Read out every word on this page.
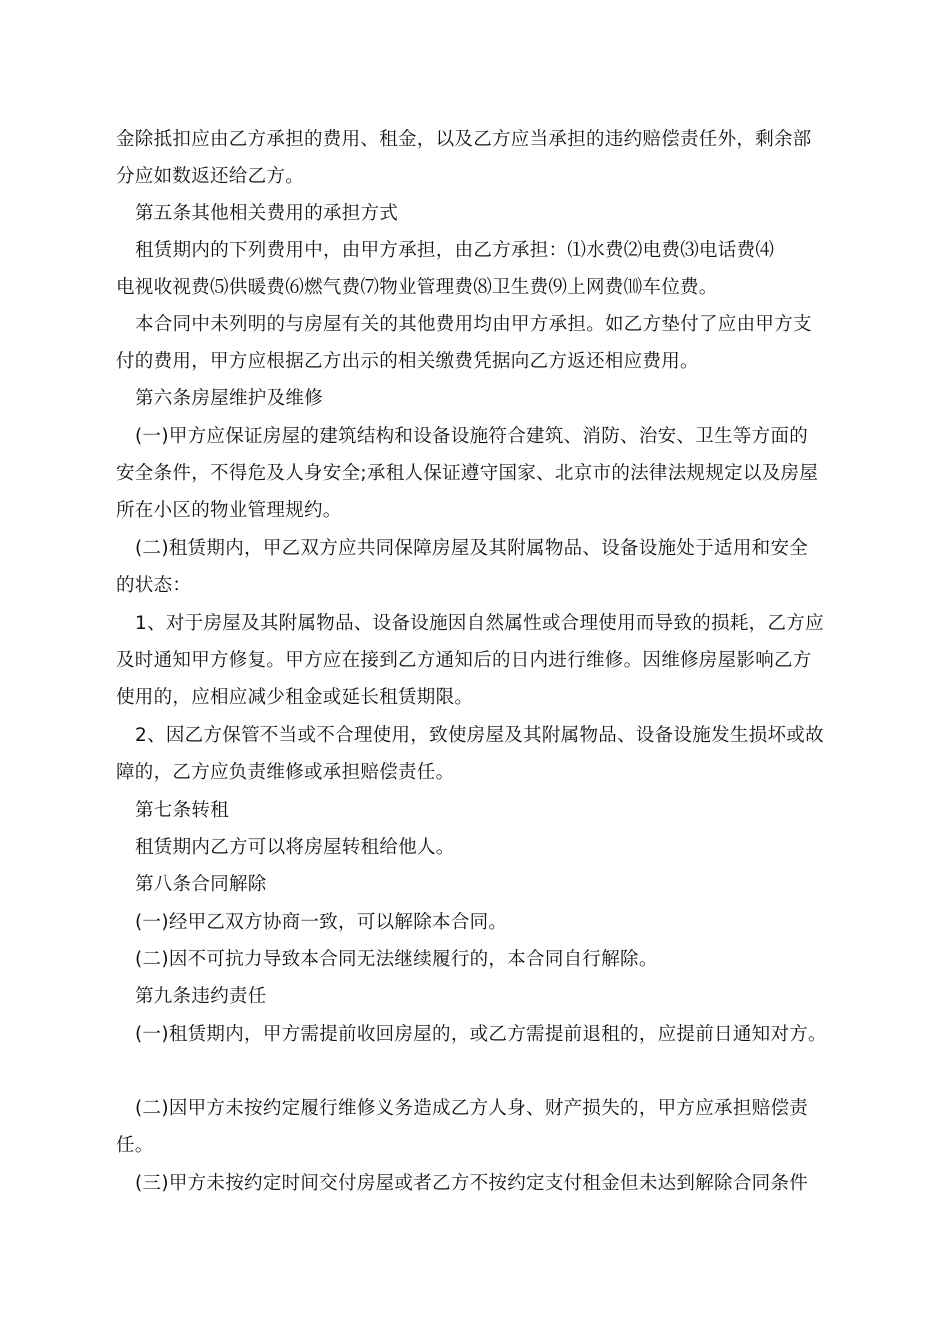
金除抵扣应由乙方承担的费用、租金，以及乙方应当承担的违约赔偿责任外，剩余部
分应如数返还给乙方。
第五条其他相关费用的承担方式
租赁期内的下列费用中，由甲方承担，由乙方承担：⑴水费⑵电费⑶电话费⑷
电视收视费⑸供暖费⑹燃气费⑺物业管理费⑻卫生费⑼上网费⑽车位费。
本合同中未列明的与房屋有关的其他费用均由甲方承担。如乙方垫付了应由甲方支
付的费用，甲方应根据乙方出示的相关缴费凭据向乙方返还相应费用。
第六条房屋维护及维修
(一)甲方应保证房屋的建筑结构和设备设施符合建筑、消防、治安、卫生等方面的
安全条件，不得危及人身安全;承租人保证遵守国家、北京市的法律法规规定以及房屋
所在小区的物业管理规约。
(二)租赁期内，甲乙双方应共同保障房屋及其附属物品、设备设施处于适用和安全
的状态：
1、对于房屋及其附属物品、设备设施因自然属性或合理使用而导致的损耗，乙方应
及时通知甲方修复。甲方应在接到乙方通知后的日内进行维修。因维修房屋影响乙方
使用的，应相应减少租金或延长租赁期限。
2、因乙方保管不当或不合理使用，致使房屋及其附属物品、设备设施发生损坏或故
障的，乙方应负责维修或承担赔偿责任。
第七条转租
租赁期内乙方可以将房屋转租给他人。
第八条合同解除
(一)经甲乙双方协商一致，可以解除本合同。
(二)因不可抗力导致本合同无法继续履行的，本合同自行解除。
第九条违约责任
(一)租赁期内，甲方需提前收回房屋的，或乙方需提前退租的，应提前日通知对方。
(二)因甲方未按约定履行维修义务造成乙方人身、财产损失的，甲方应承担赔偿责
任。
(三)甲方未按约定时间交付房屋或者乙方不按约定支付租金但未达到解除合同条件
